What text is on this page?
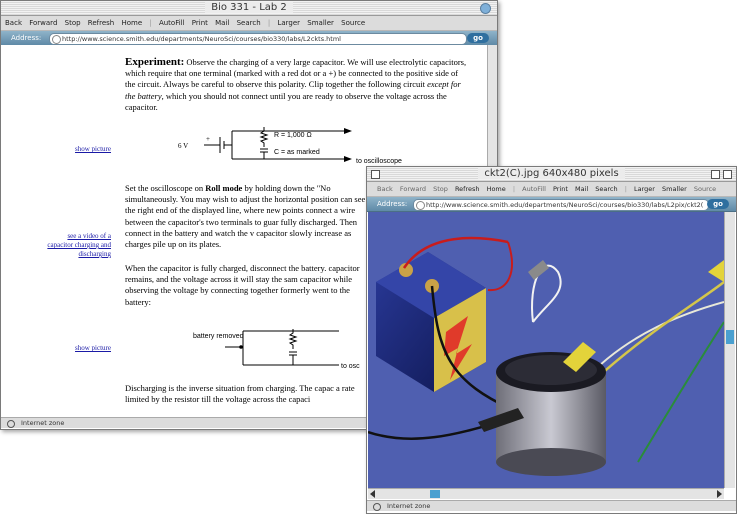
Bio 331 - Lab 2
Back Forward Stop Refresh Home | AutoFill Print Mail Search | Larger Smaller Source
Address:	http://www.science.smith.edu/departments/NeuroSci/courses/bio330/labs/L2ckts.html	go
Experiment: Observe the charging of a very large capacitor. We will use electrolytic capacitors, which require that one terminal (marked with a red dot or a +) be connected to the positive side of the circuit. Always be careful to observe this polarity. Clip together the following circuit except for the battery, which you should not connect until you are ready to observe the voltage across the capacitor.
show picture	6 V
+	R = 1,000 Ω
C = as marked
to oscilloscope
Set the oscilloscope on Roll mode by holding down the "No simultaneously. You may wish to adjust the horizontal position can see the right end of the displayed line, where new points connect a wire between the capacitor's two terminals to guar fully discharged. Then connect in the battery and watch the v capacitor slowly increase as charges pile up on its plates.
see a video of a capacitor charging and discharging
When the capacitor is fully charged, disconnect the battery. capacitor remains, and the voltage across it will stay the sam capacitor while observing the voltage by connecting together formerly went to the battery:
show picture
battery removed
to osc
Discharging is the inverse situation from charging. The capac a rate limited by the resistor till the voltage across the capaci
Internet zone
ckt2(C).jpg 640x480 pixels
Back Forward Stop Refresh Home | AutoFill Print Mail Search | Larger Smaller Source
Address:	http://www.science.smith.edu/departments/NeuroSci/courses/bio330/labs/L2pix/ckt2(	go
Internet zone
